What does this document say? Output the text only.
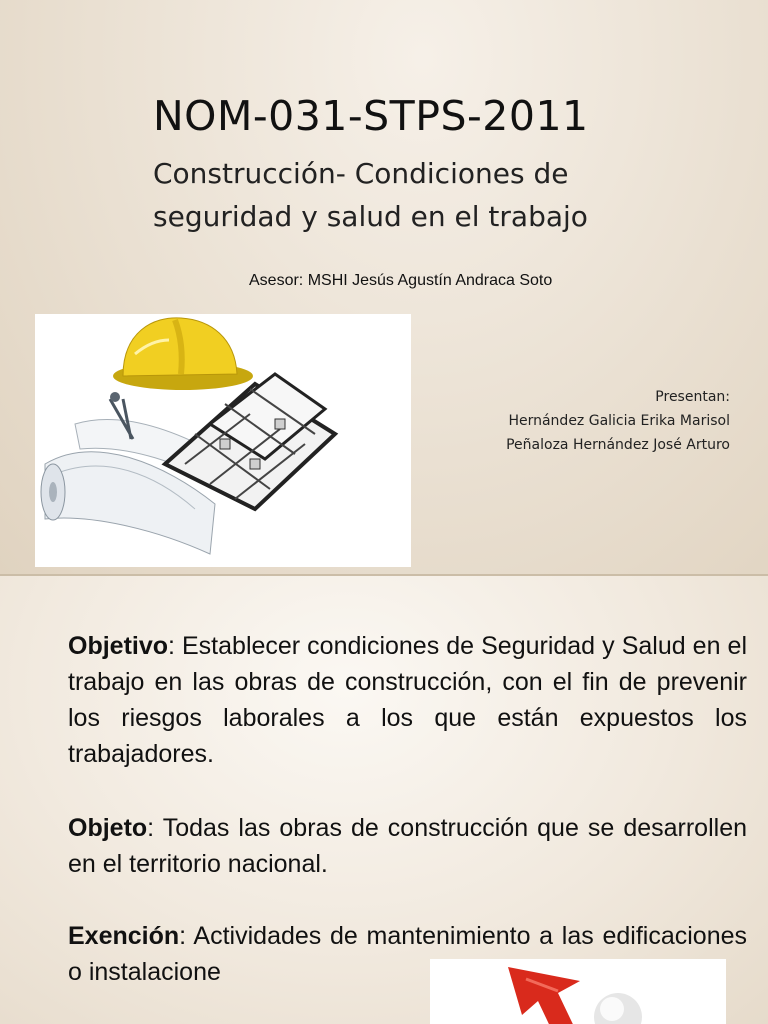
NOM-031-STPS-2011
Construcción- Condiciones de seguridad y salud en el trabajo
Asesor: MSHI Jesús Agustín Andraca Soto
Presentan:
Hernández Galicia Erika Marisol
Peñaloza Hernández José Arturo

Objetivo: Establecer condiciones de Seguridad y Salud en el trabajo en las obras de construcción, con el fin de prevenir los riesgos laborales a los que están expuestos los trabajadores.

Objeto: Todas las obras de construcción que se desarrollen en el territorio nacional.

Exención: Actividades de mantenimiento a las edificaciones o instalacione
